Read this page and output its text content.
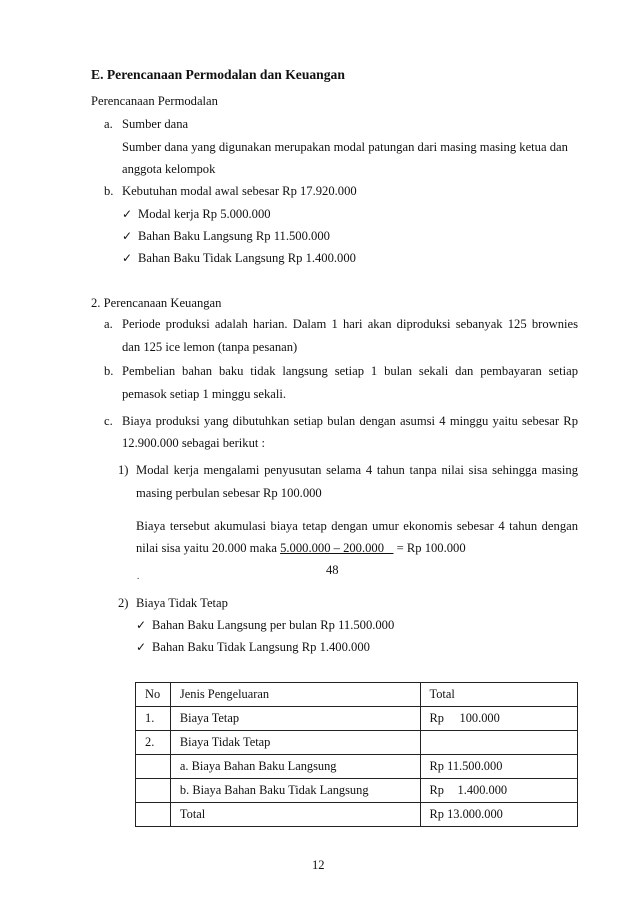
E. Perencanaan Permodalan dan Keuangan
Perencanaan Permodalan
a. Sumber dana
Sumber dana yang digunakan merupakan modal patungan dari masing masing ketua dan
anggota kelompok
b. Kebutuhan modal awal sebesar Rp 17.920.000
✓ Modal kerja Rp 5.000.000
✓ Bahan Baku Langsung Rp 11.500.000
✓ Bahan Baku Tidak Langsung Rp 1.400.000
2. Perencanaan Keuangan
a. Periode produksi adalah harian. Dalam 1 hari akan diproduksi sebanyak 125 brownies
dan 125 ice lemon (tanpa pesanan)
b. Pembelian bahan baku tidak langsung setiap 1 bulan sekali dan pembayaran setiap
pemasok setiap 1 minggu sekali.
c. Biaya produksi yang dibutuhkan setiap bulan dengan asumsi 4 minggu yaitu sebesar Rp
12.900.000 sebagai berikut :
1) Modal kerja mengalami penyusutan selama 4 tahun tanpa nilai sisa sehingga masing
masing perbulan sebesar Rp 100.000
Biaya tersebut akumulasi biaya tetap dengan umur ekonomis sebesar 4 tahun dengan
nilai sisa yaitu 20.000 maka 5.000.000 – 200.000    = Rp 100.000
48
.
2) Biaya Tidak Tetap
✓ Bahan Baku Langsung per bulan Rp 11.500.000
✓ Bahan Baku Tidak Langsung Rp 1.400.000
No	Jenis Pengeluaran	Total
1.	Biaya Tetap	Rp 100.000
2.	Biaya Tidak Tetap	
	a. Biaya Bahan Baku Langsung	Rp 11.500.000
	b. Biaya Bahan Baku Tidak Langsung	Rp 1.400.000
	Total	Rp 13.000.000
12
